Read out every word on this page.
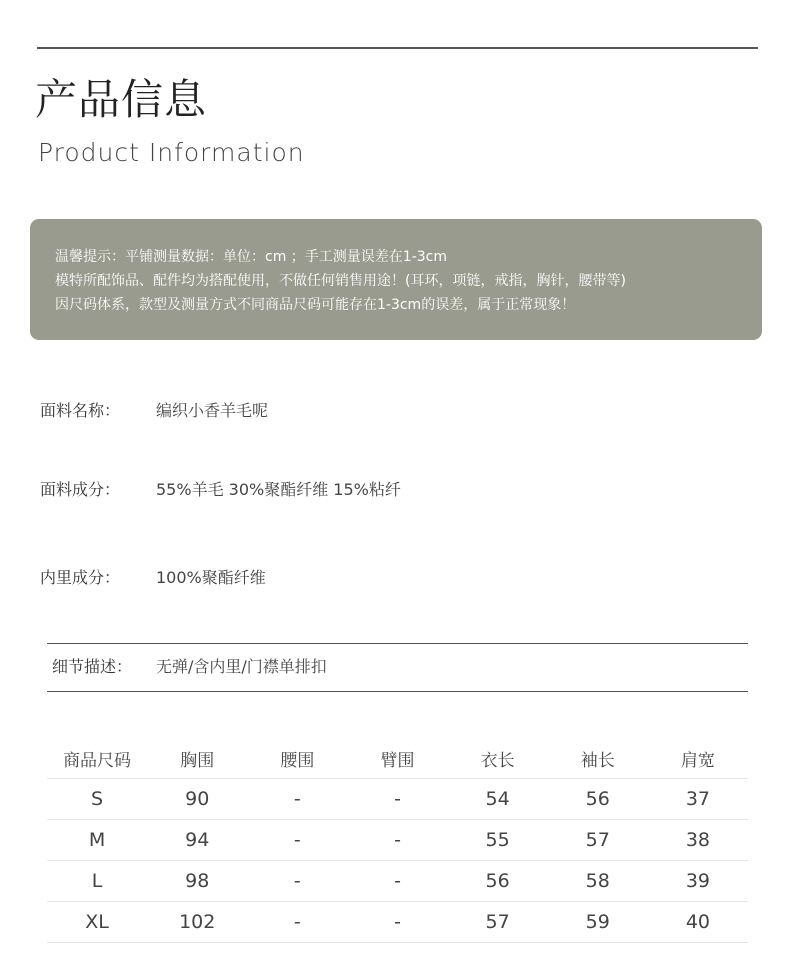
产品信息
Product Information
温馨提示：平铺测量数据：单位：cm ；手工测量误差在1-3cm
模特所配饰品、配件均为搭配使用，不做任何销售用途！(耳环，项链，戒指，胸针，腰带等)
因尺码体系，款型及测量方式不同商品尺码可能存在1-3cm的误差，属于正常现象！
面料名称： 编织小香羊毛呢
面料成分： 55%羊毛 30%聚酯纤维 15%粘纤
内里成分： 100%聚酯纤维
细节描述： 无弹/含内里/门襟单排扣
商品尺码	胸围	腰围	臂围	衣长	袖长	肩宽
S	90	-	-	54	56	37
M	94	-	-	55	57	38
L	98	-	-	56	58	39
XL	102	-	-	57	59	40
